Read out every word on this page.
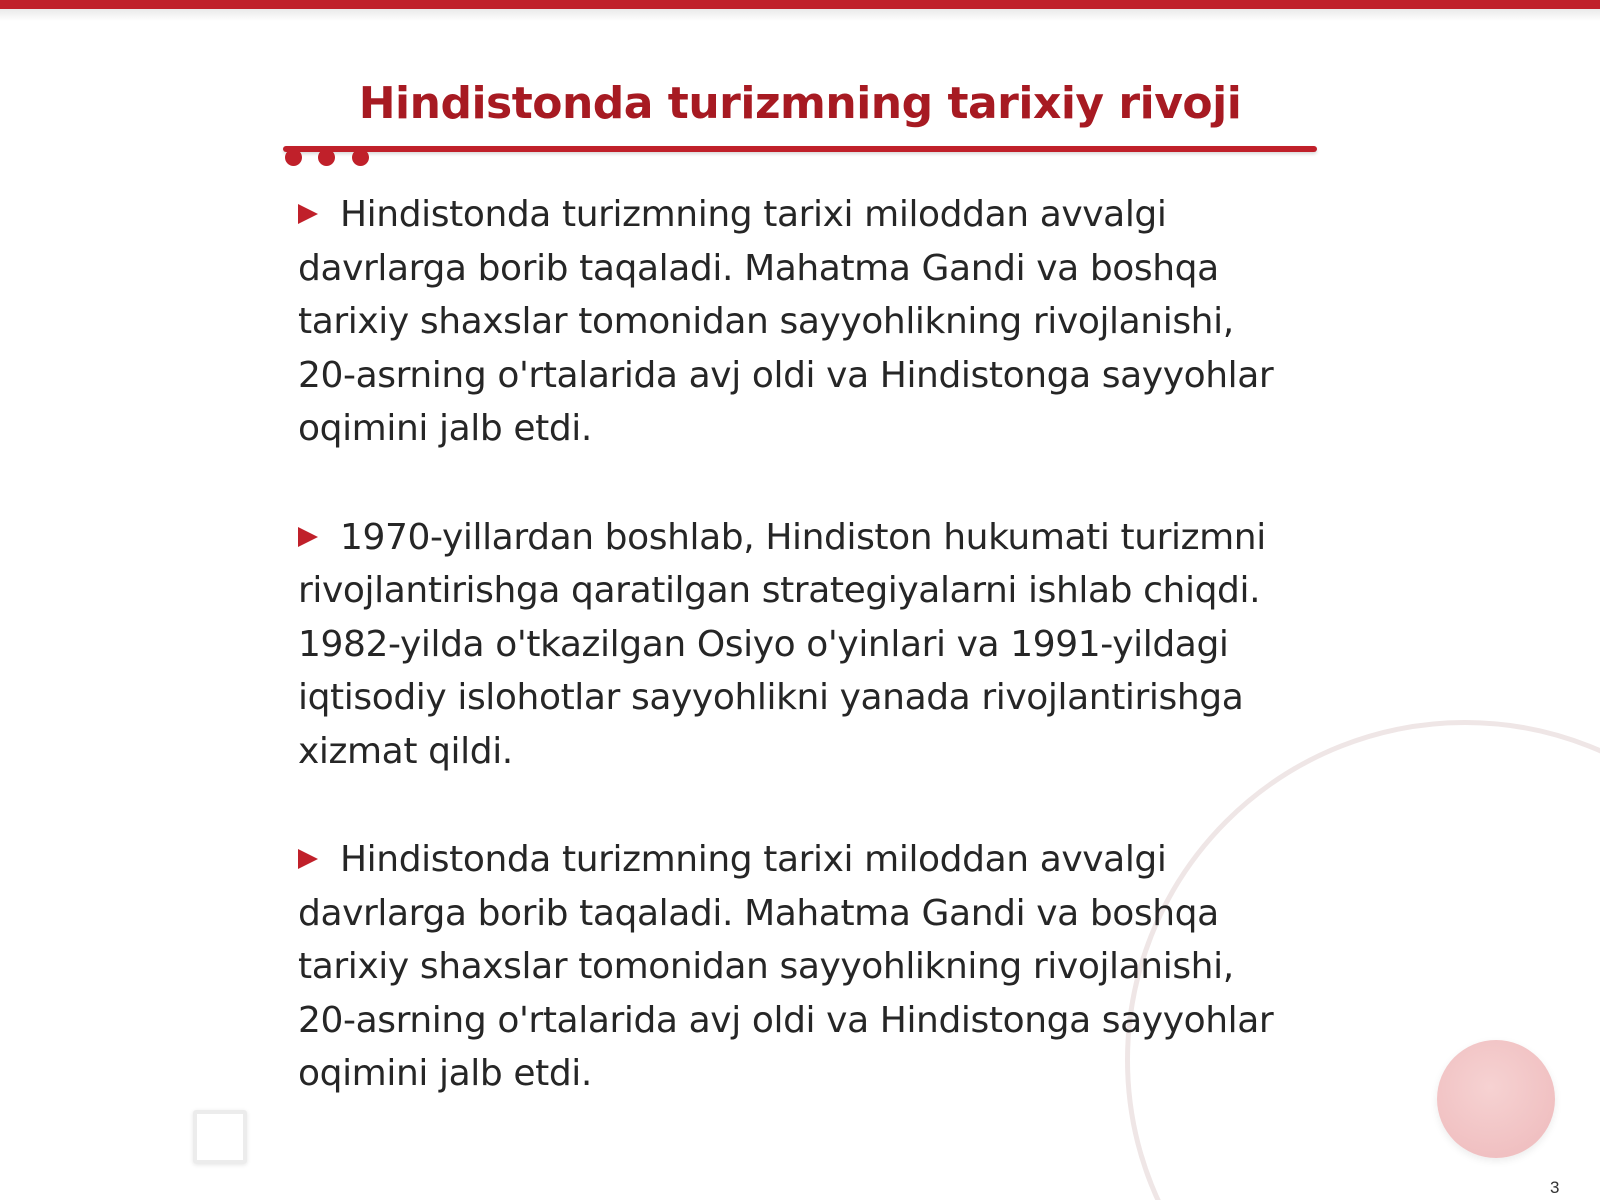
Hindistonda turizmning tarixiy rivoji

Hindistonda turizmning tarixi miloddan avvalgi
davrlarga borib taqaladi. Mahatma Gandi va boshqa
tarixiy shaxslar tomonidan sayyohlikning rivojlanishi,
20-asrning o'rtalarida avj oldi va Hindistonga sayyohlar
oqimini jalb etdi.

1970-yillardan boshlab, Hindiston hukumati turizmni
rivojlantirishga qaratilgan strategiyalarni ishlab chiqdi.
1982-yilda o'tkazilgan Osiyo o'yinlari va 1991-yildagi
iqtisodiy islohotlar sayyohlikni yanada rivojlantirishga
xizmat qildi.

Hindistonda turizmning tarixi miloddan avvalgi
davrlarga borib taqaladi. Mahatma Gandi va boshqa
tarixiy shaxslar tomonidan sayyohlikning rivojlanishi,
20-asrning o'rtalarida avj oldi va Hindistonga sayyohlar
oqimini jalb etdi.

3
